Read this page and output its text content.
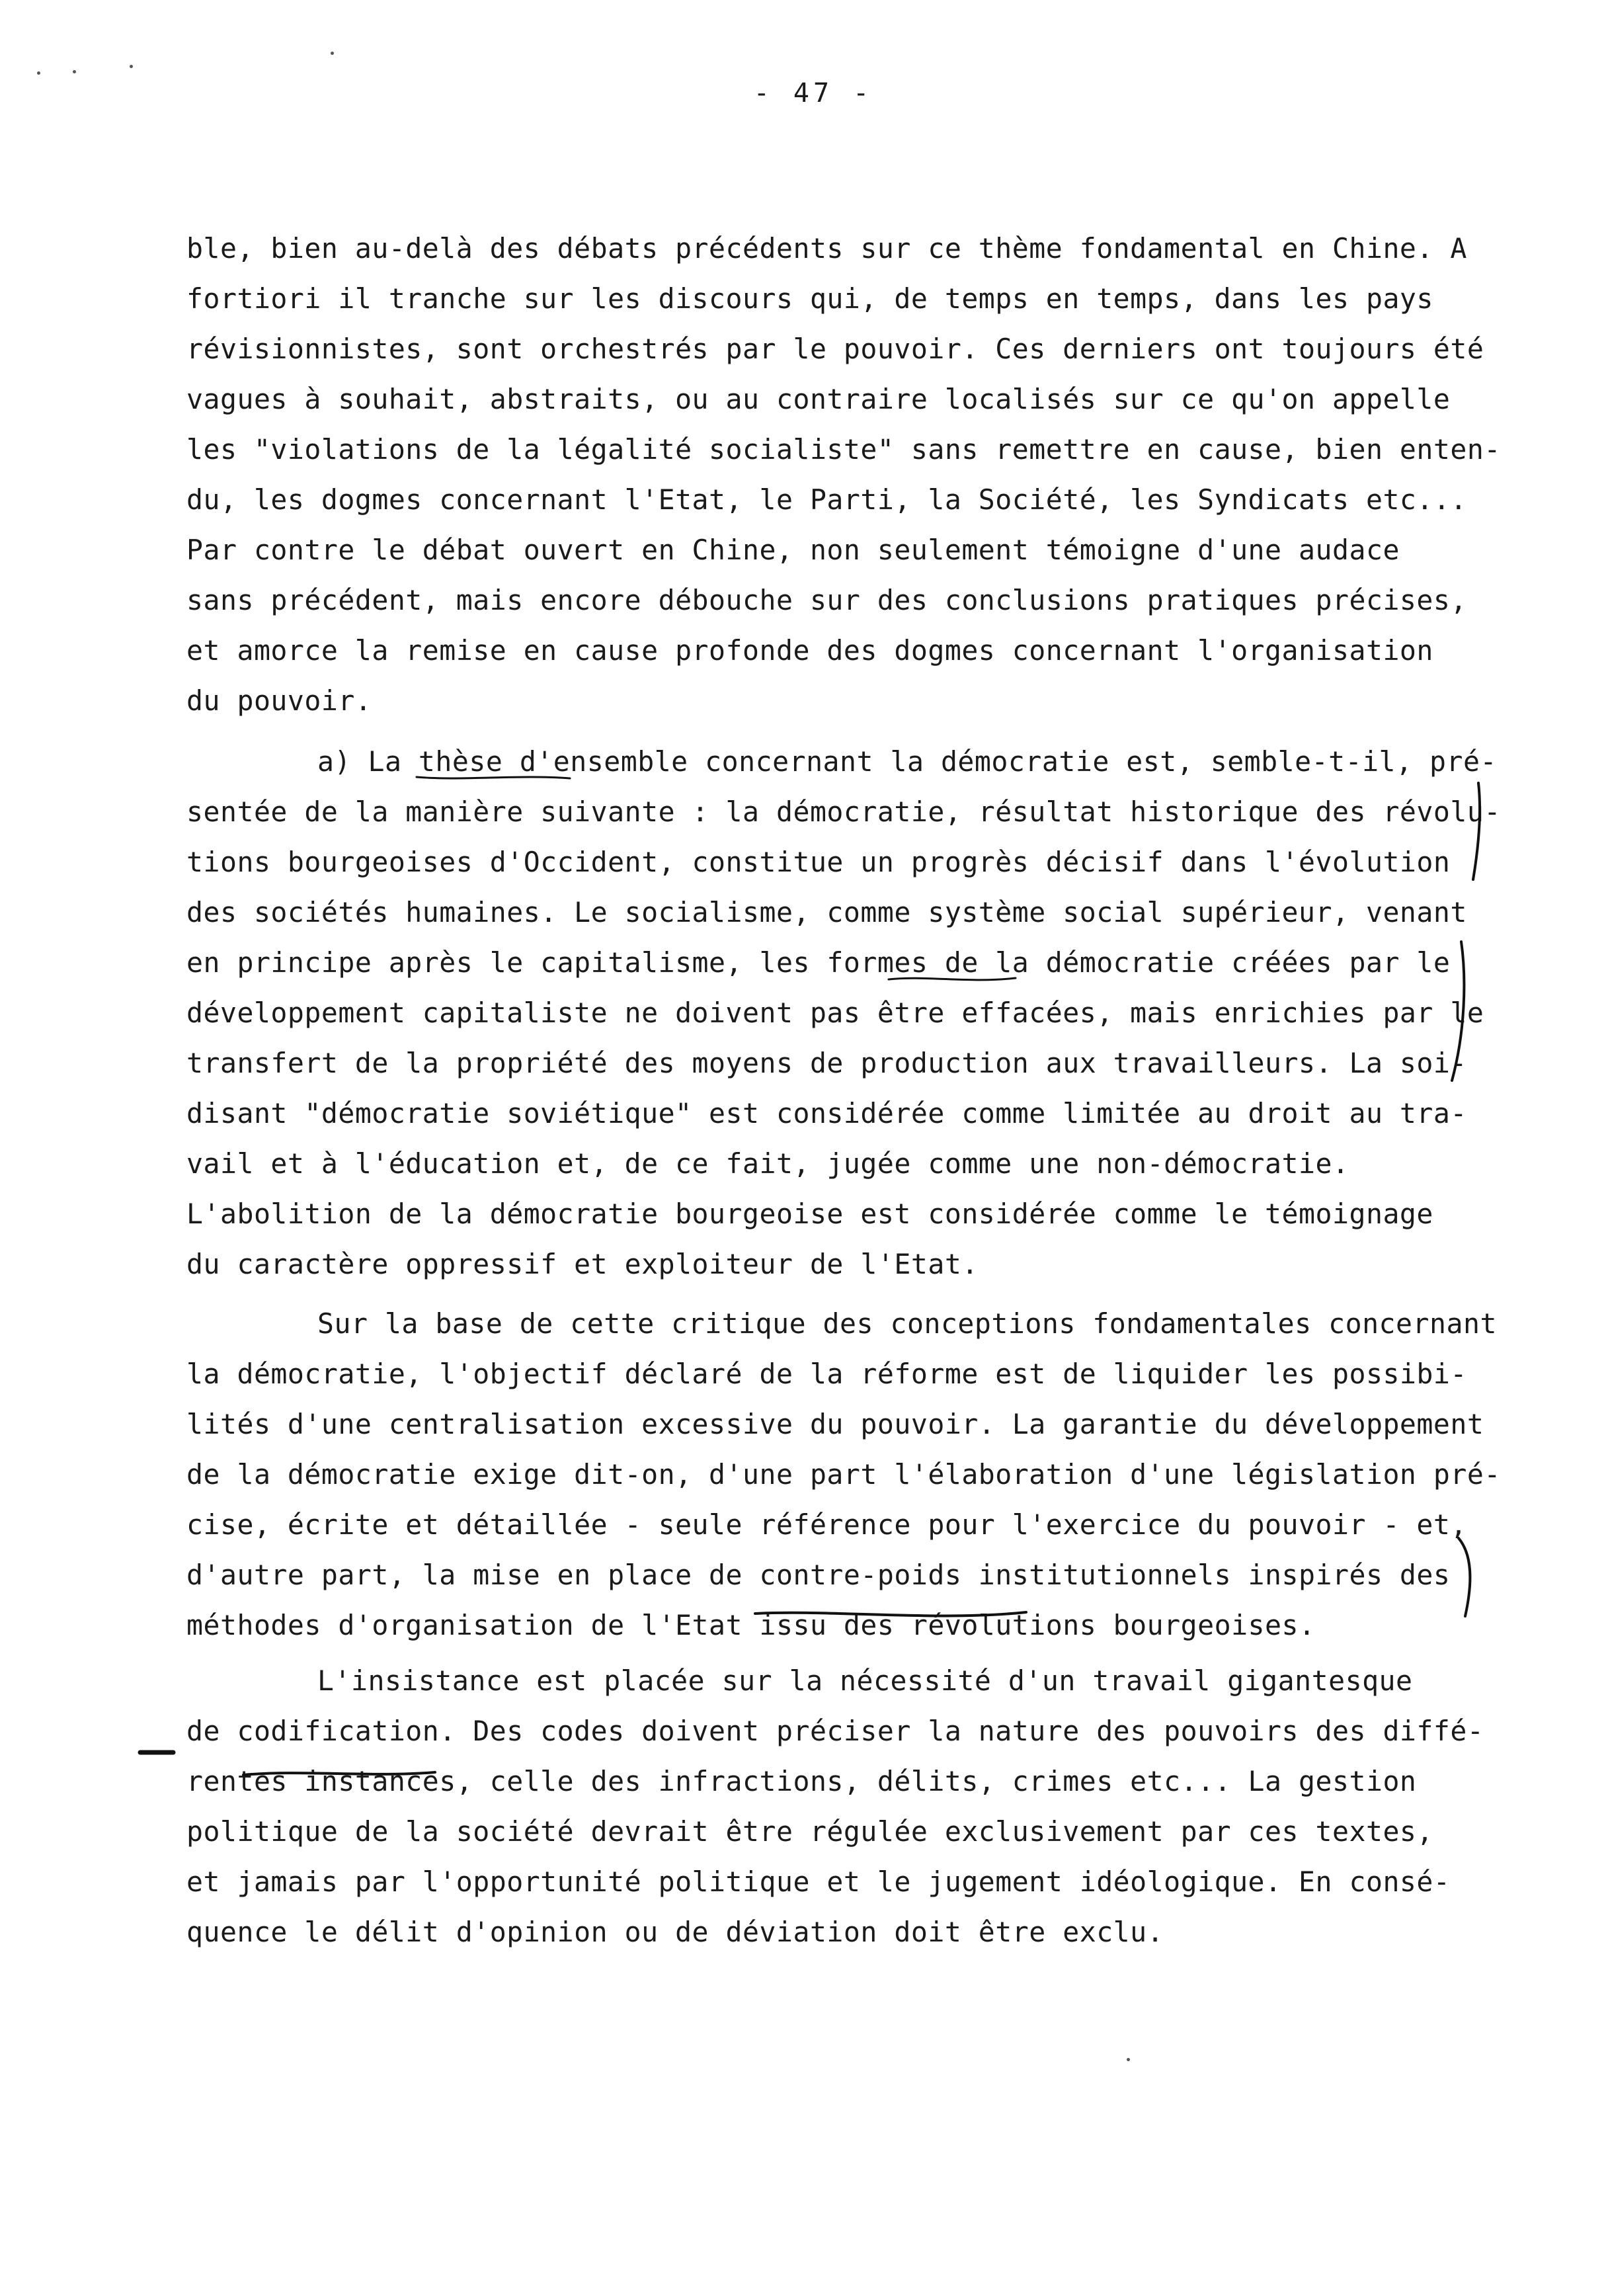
- 47 -
ble, bien au-delà des débats précédents sur ce thème fondamental en Chine. A
fortiori il tranche sur les discours qui, de temps en temps, dans les pays
révisionnistes, sont orchestrés par le pouvoir. Ces derniers ont toujours été
vagues à souhait, abstraits, ou au contraire localisés sur ce qu'on appelle
les "violations de la légalité socialiste" sans remettre en cause, bien enten-
du, les dogmes concernant l'Etat, le Parti, la Société, les Syndicats etc...
Par contre le débat ouvert en Chine, non seulement témoigne d'une audace
sans précédent, mais encore débouche sur des conclusions pratiques précises,
et amorce la remise en cause profonde des dogmes concernant l'organisation
du pouvoir.
a) La thèse d'ensemble concernant la démocratie est, semble-t-il, pré-
sentée de la manière suivante : la démocratie, résultat historique des révolu-
tions bourgeoises d'Occident, constitue un progrès décisif dans l'évolution
des sociétés humaines. Le socialisme, comme système social supérieur, venant
en principe après le capitalisme, les formes de la démocratie créées par le
développement capitaliste ne doivent pas être effacées, mais enrichies par le
transfert de la propriété des moyens de production aux travailleurs. La soi-
disant "démocratie soviétique" est considérée comme limitée au droit au tra-
vail et à l'éducation et, de ce fait, jugée comme une non-démocratie.
L'abolition de la démocratie bourgeoise est considérée comme le témoignage
du caractère oppressif et exploiteur de l'Etat.
Sur la base de cette critique des conceptions fondamentales concernant
la démocratie, l'objectif déclaré de la réforme est de liquider les possibi-
lités d'une centralisation excessive du pouvoir. La garantie du développement
de la démocratie exige dit-on, d'une part l'élaboration d'une législation pré-
cise, écrite et détaillée - seule référence pour l'exercice du pouvoir - et,
d'autre part, la mise en place de contre-poids institutionnels inspirés des
méthodes d'organisation de l'Etat issu des révolutions bourgeoises.
L'insistance est placée sur la nécessité d'un travail gigantesque
de codification. Des codes doivent préciser la nature des pouvoirs des diffé-
rentes instances, celle des infractions, délits, crimes etc... La gestion
politique de la société devrait être régulée exclusivement par ces textes,
et jamais par l'opportunité politique et le jugement idéologique. En consé-
quence le délit d'opinion ou de déviation doit être exclu.
